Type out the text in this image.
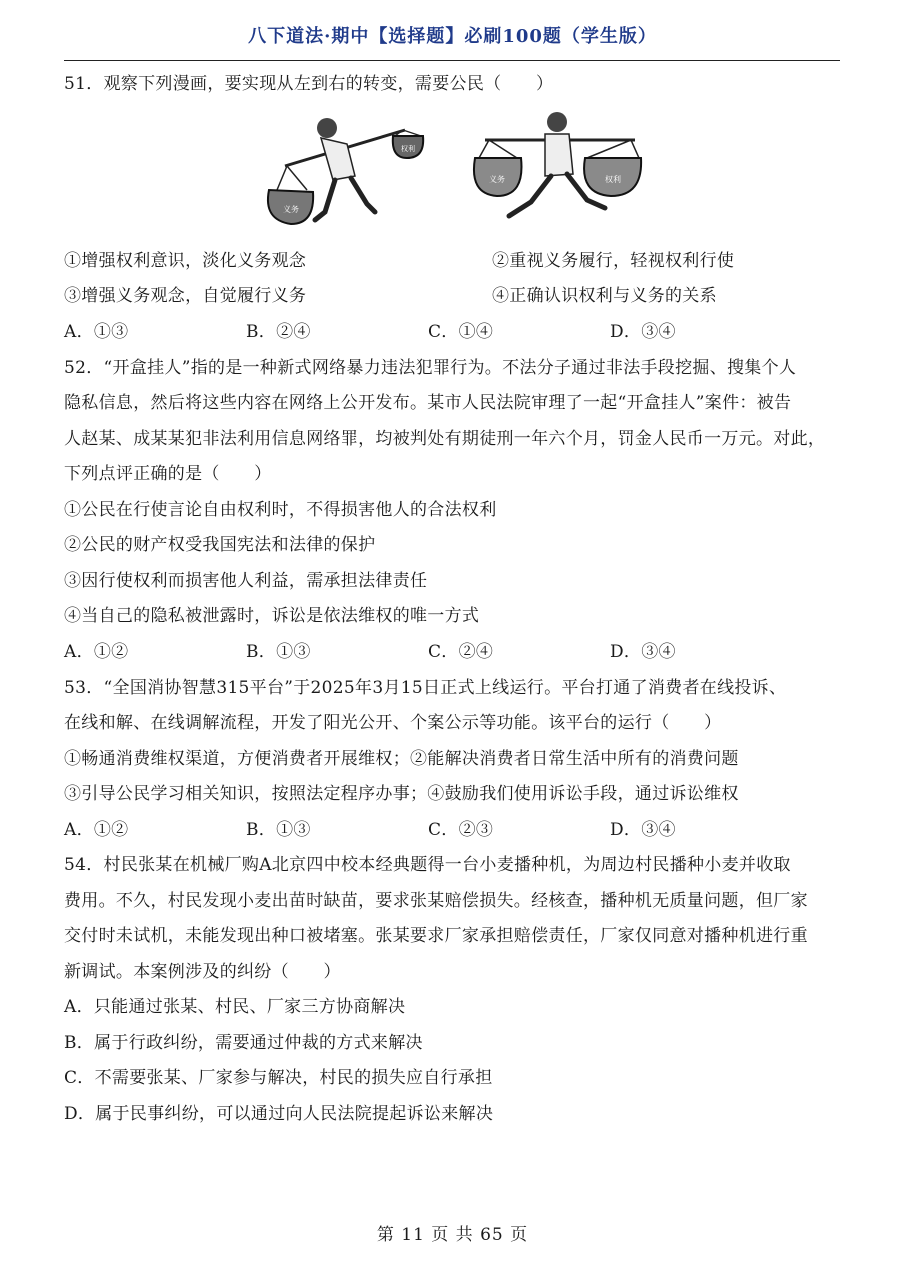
八下道法·期中【选择题】必刷100题（学生版）
51．观察下列漫画，要实现从左到右的转变，需要公民（　　）
义务
权利
义务	权利
①增强权利意识，淡化义务观念	②重视义务履行，轻视权利行使
③增强义务观念，自觉履行义务	④正确认识权利与义务的关系
A．①③	B．②④	C．①④	D．③④
52．“开盒挂人”指的是一种新式网络暴力违法犯罪行为。不法分子通过非法手段挖掘、搜集个人
隐私信息，然后将这些内容在网络上公开发布。某市人民法院审理了一起“开盒挂人”案件：被告
人赵某、成某某犯非法利用信息网络罪，均被判处有期徒刑一年六个月，罚金人民币一万元。对此，
下列点评正确的是（　　）
①公民在行使言论自由权利时，不得损害他人的合法权利
②公民的财产权受我国宪法和法律的保护
③因行使权利而损害他人利益，需承担法律责任
④当自己的隐私被泄露时，诉讼是依法维权的唯一方式
A．①②	B．①③	C．②④	D．③④
53．“全国消协智慧315平台”于2025年3月15日正式上线运行。平台打通了消费者在线投诉、
在线和解、在线调解流程，开发了阳光公开、个案公示等功能。该平台的运行（　　）
①畅通消费维权渠道，方便消费者开展维权；②能解决消费者日常生活中所有的消费问题
③引导公民学习相关知识，按照法定程序办事；④鼓励我们使用诉讼手段，通过诉讼维权
A．①②	B．①③	C．②③	D．③④
54．村民张某在机械厂购A北京四中校本经典题得一台小麦播种机，为周边村民播种小麦并收取
费用。不久，村民发现小麦出苗时缺苗，要求张某赔偿损失。经核查，播种机无质量问题，但厂家
交付时未试机，未能发现出种口被堵塞。张某要求厂家承担赔偿责任，厂家仅同意对播种机进行重
新调试。本案例涉及的纠纷（　　）
A．只能通过张某、村民、厂家三方协商解决
B．属于行政纠纷，需要通过仲裁的方式来解决
C．不需要张某、厂家参与解决，村民的损失应自行承担
D．属于民事纠纷，可以通过向人民法院提起诉讼来解决
第 11 页 共 65 页
